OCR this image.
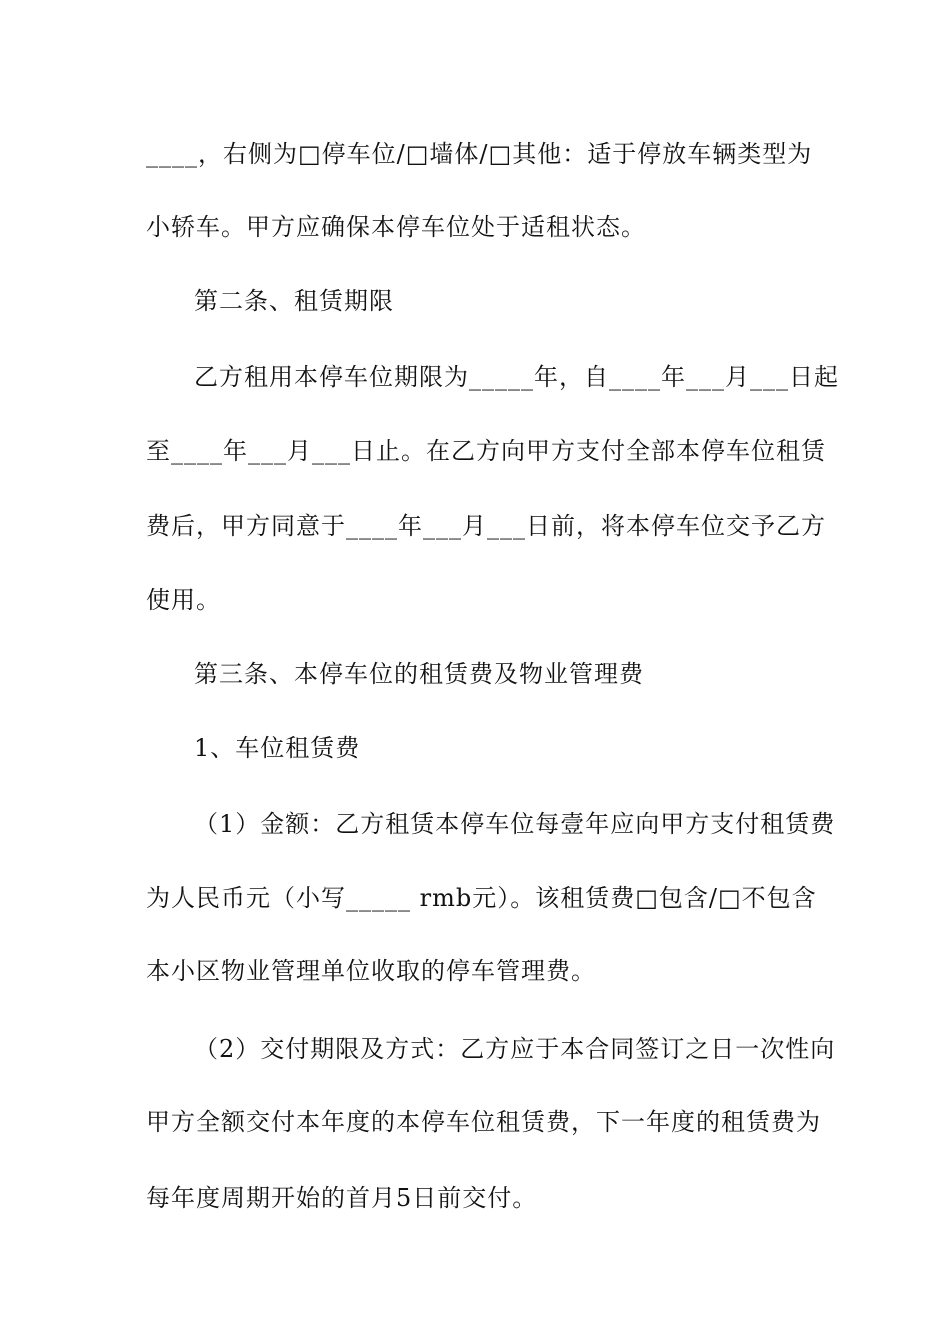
____，右侧为□停车位/□墙体/□其他：适于停放车辆类型为
小轿车。甲方应确保本停车位处于适租状态。
第二条、租赁期限
乙方租用本停车位期限为_____年，自____年___月___日起
至____年___月___日止。在乙方向甲方支付全部本停车位租赁
费后，甲方同意于____年___月___日前，将本停车位交予乙方
使用。
第三条、本停车位的租赁费及物业管理费
1、车位租赁费
（1）金额：乙方租赁本停车位每壹年应向甲方支付租赁费
为人民币元（小写_____ rmb元）。该租赁费□包含/□不包含
本小区物业管理单位收取的停车管理费。
（2）交付期限及方式：乙方应于本合同签订之日一次性向
甲方全额交付本年度的本停车位租赁费，下一年度的租赁费为
每年度周期开始的首月5日前交付。
